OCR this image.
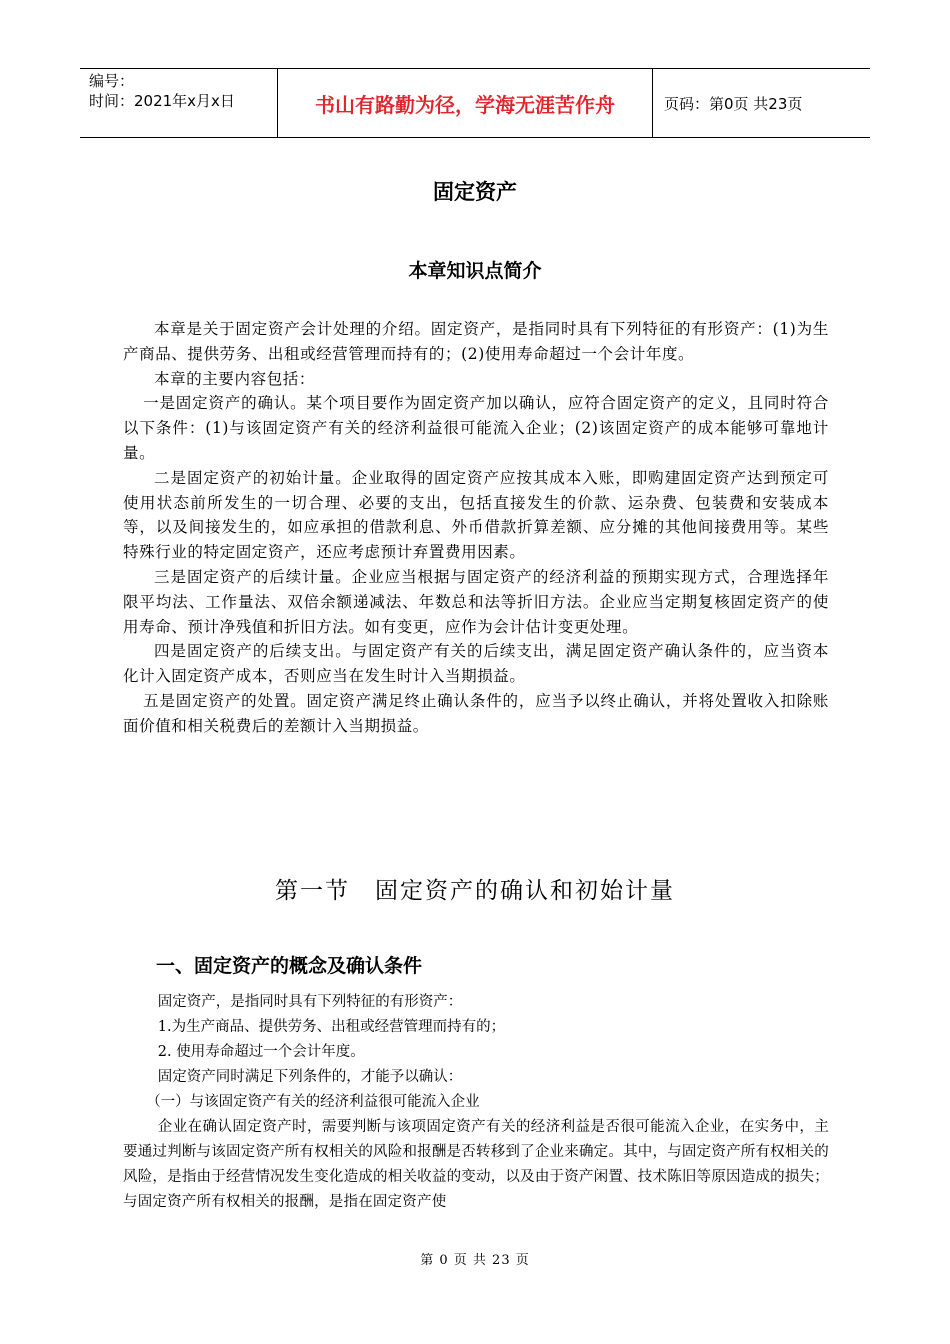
编号：
时间：2021年x月x日	书山有路勤为径，学海无涯苦作舟	页码：第0页 共23页
固定资产
本章知识点简介

本章是关于固定资产会计处理的介绍。固定资产，是指同时具有下列特征的有形资产：(1)为生产商品、提供劳务、出租或经营管理而持有的；(2)使用寿命超过一个会计年度。

本章的主要内容包括：

一是固定资产的确认。某个项目要作为固定资产加以确认，应符合固定资产的定义，且同时符合以下条件：(1)与该固定资产有关的经济利益很可能流入企业；(2)该固定资产的成本能够可靠地计量。

二是固定资产的初始计量。企业取得的固定资产应按其成本入账，即购建固定资产达到预定可使用状态前所发生的一切合理、必要的支出，包括直接发生的价款、运杂费、包装费和安装成本等，以及间接发生的，如应承担的借款利息、外币借款折算差额、应分摊的其他间接费用等。某些特殊行业的特定固定资产，还应考虑预计弃置费用因素。

三是固定资产的后续计量。企业应当根据与固定资产的经济利益的预期实现方式，合理选择年限平均法、工作量法、双倍余额递减法、年数总和法等折旧方法。企业应当定期复核固定资产的使用寿命、预计净残值和折旧方法。如有变更，应作为会计估计变更处理。

四是固定资产的后续支出。与固定资产有关的后续支出，满足固定资产确认条件的，应当资本化计入固定资产成本，否则应当在发生时计入当期损益。

五是固定资产的处置。固定资产满足终止确认条件的，应当予以终止确认，并将处置收入扣除账面价值和相关税费后的差额计入当期损益。

第一节　固定资产的确认和初始计量
一、固定资产的概念及确认条件

固定资产，是指同时具有下列特征的有形资产：

1.为生产商品、提供劳务、出租或经营管理而持有的；

2. 使用寿命超过一个会计年度。

固定资产同时满足下列条件的，才能予以确认：

（一）与该固定资产有关的经济利益很可能流入企业

企业在确认固定资产时，需要判断与该项固定资产有关的经济利益是否很可能流入企业，在实务中，主要通过判断与该固定资产所有权相关的风险和报酬是否转移到了企业来确定。其中，与固定资产所有权相关的风险，是指由于经营情况发生变化造成的相关收益的变动，以及由于资产闲置、技术陈旧等原因造成的损失；与固定资产所有权相关的报酬，是指在固定资产使

第 0 页 共 23 页
